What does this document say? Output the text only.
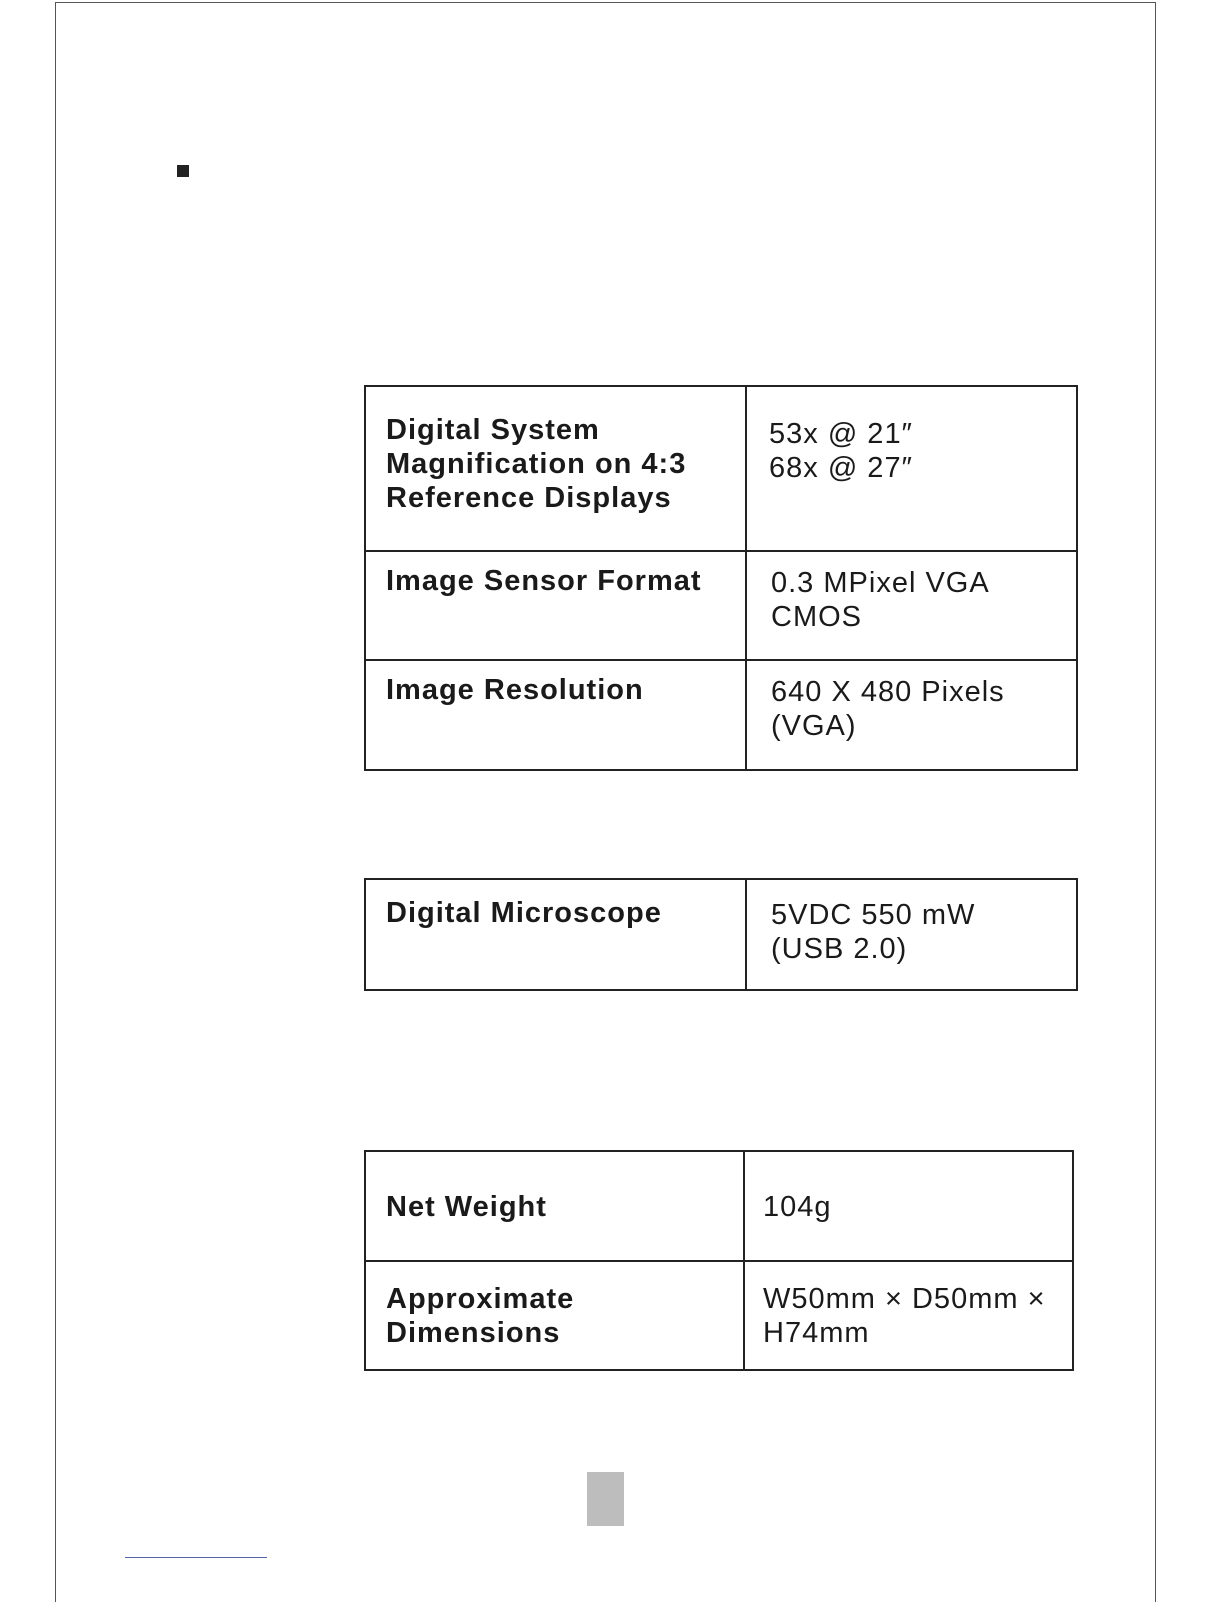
Digital System
Magnification on 4:3
Reference Displays	53x @ 21″
68x @ 27″

Image Sensor Format	0.3 MPixel VGA
CMOS

Image Resolution	640 X 480 Pixels
(VGA)
Digital Microscope	5VDC 550 mW
(USB 2.0)
Net Weight	104g

Approximate
Dimensions	W50mm × D50mm ×
H74mm
